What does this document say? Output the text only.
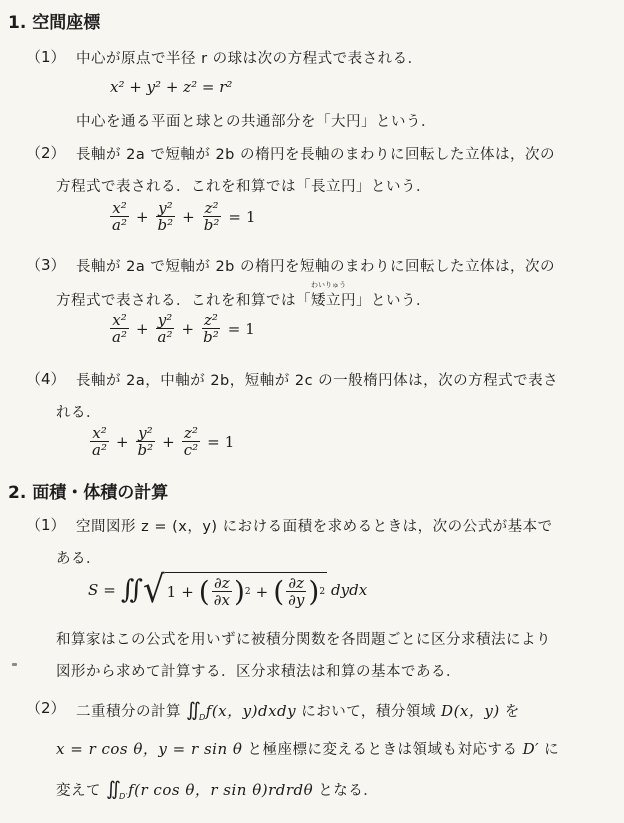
1. 空間座標
（1） 中心が原点で半径 r の球は次の方程式で表される．
x² + y² + z² = r²
中心を通る平面と球との共通部分を「大円」という．
（2） 長軸が 2a で短軸が 2b の楕円を長軸のまわりに回転した立体は，次の
方程式で表される．これを和算では「長立円」という．
$\frac{\text{x²}}{\text{a²}} + \frac{\text{y²}}{\text{b²}} + \frac{\text{z²}}{\text{b²}} = 1$
（3） 長軸が 2a で短軸が 2b の楕円を短軸のまわりに回転した立体は，次の
方程式で表される．これを和算では「
わいりゅう
矮立円」という．
$\frac{\text{x²}}{\text{a²}} + \frac{\text{y²}}{\text{a²}} + \frac{\text{z²}}{\text{b²}} = 1$
（4） 長軸が 2a，中軸が 2b，短軸が 2c の一般楕円体は，次の方程式で表さ
れる．
$\frac{\text{x²}}{\text{a²}} + \frac{\text{y²}}{\text{b²}} + \frac{\text{z²}}{\text{c²}} = 1$
2. 面積・体積の計算
（1） 空間図形 z = (x，y) における面積を求めるときは，次の公式が基本で
ある．
S = ∬ √ 1 + ( $\frac{\partial z}{\partial x}$ ) 2 + ( $\frac{\partial z}{\partial y}$ ) 2 dydx
和算家はこの公式を用いずに被積分関数を各問題ごとに区分求積法により
図形から求めて計算する．区分求積法は和算の基本である．
（2） 二重積分の計算 ∬ $_D$f(x，y)dxdy において，積分領域 D(x，y) を
x = r cos θ，y = r sin θ と極座標に変えるときは領域も対応する D′ に
変えて ∬ $_{D'}$f(r cos θ，r sin θ)rdrdθ となる．
